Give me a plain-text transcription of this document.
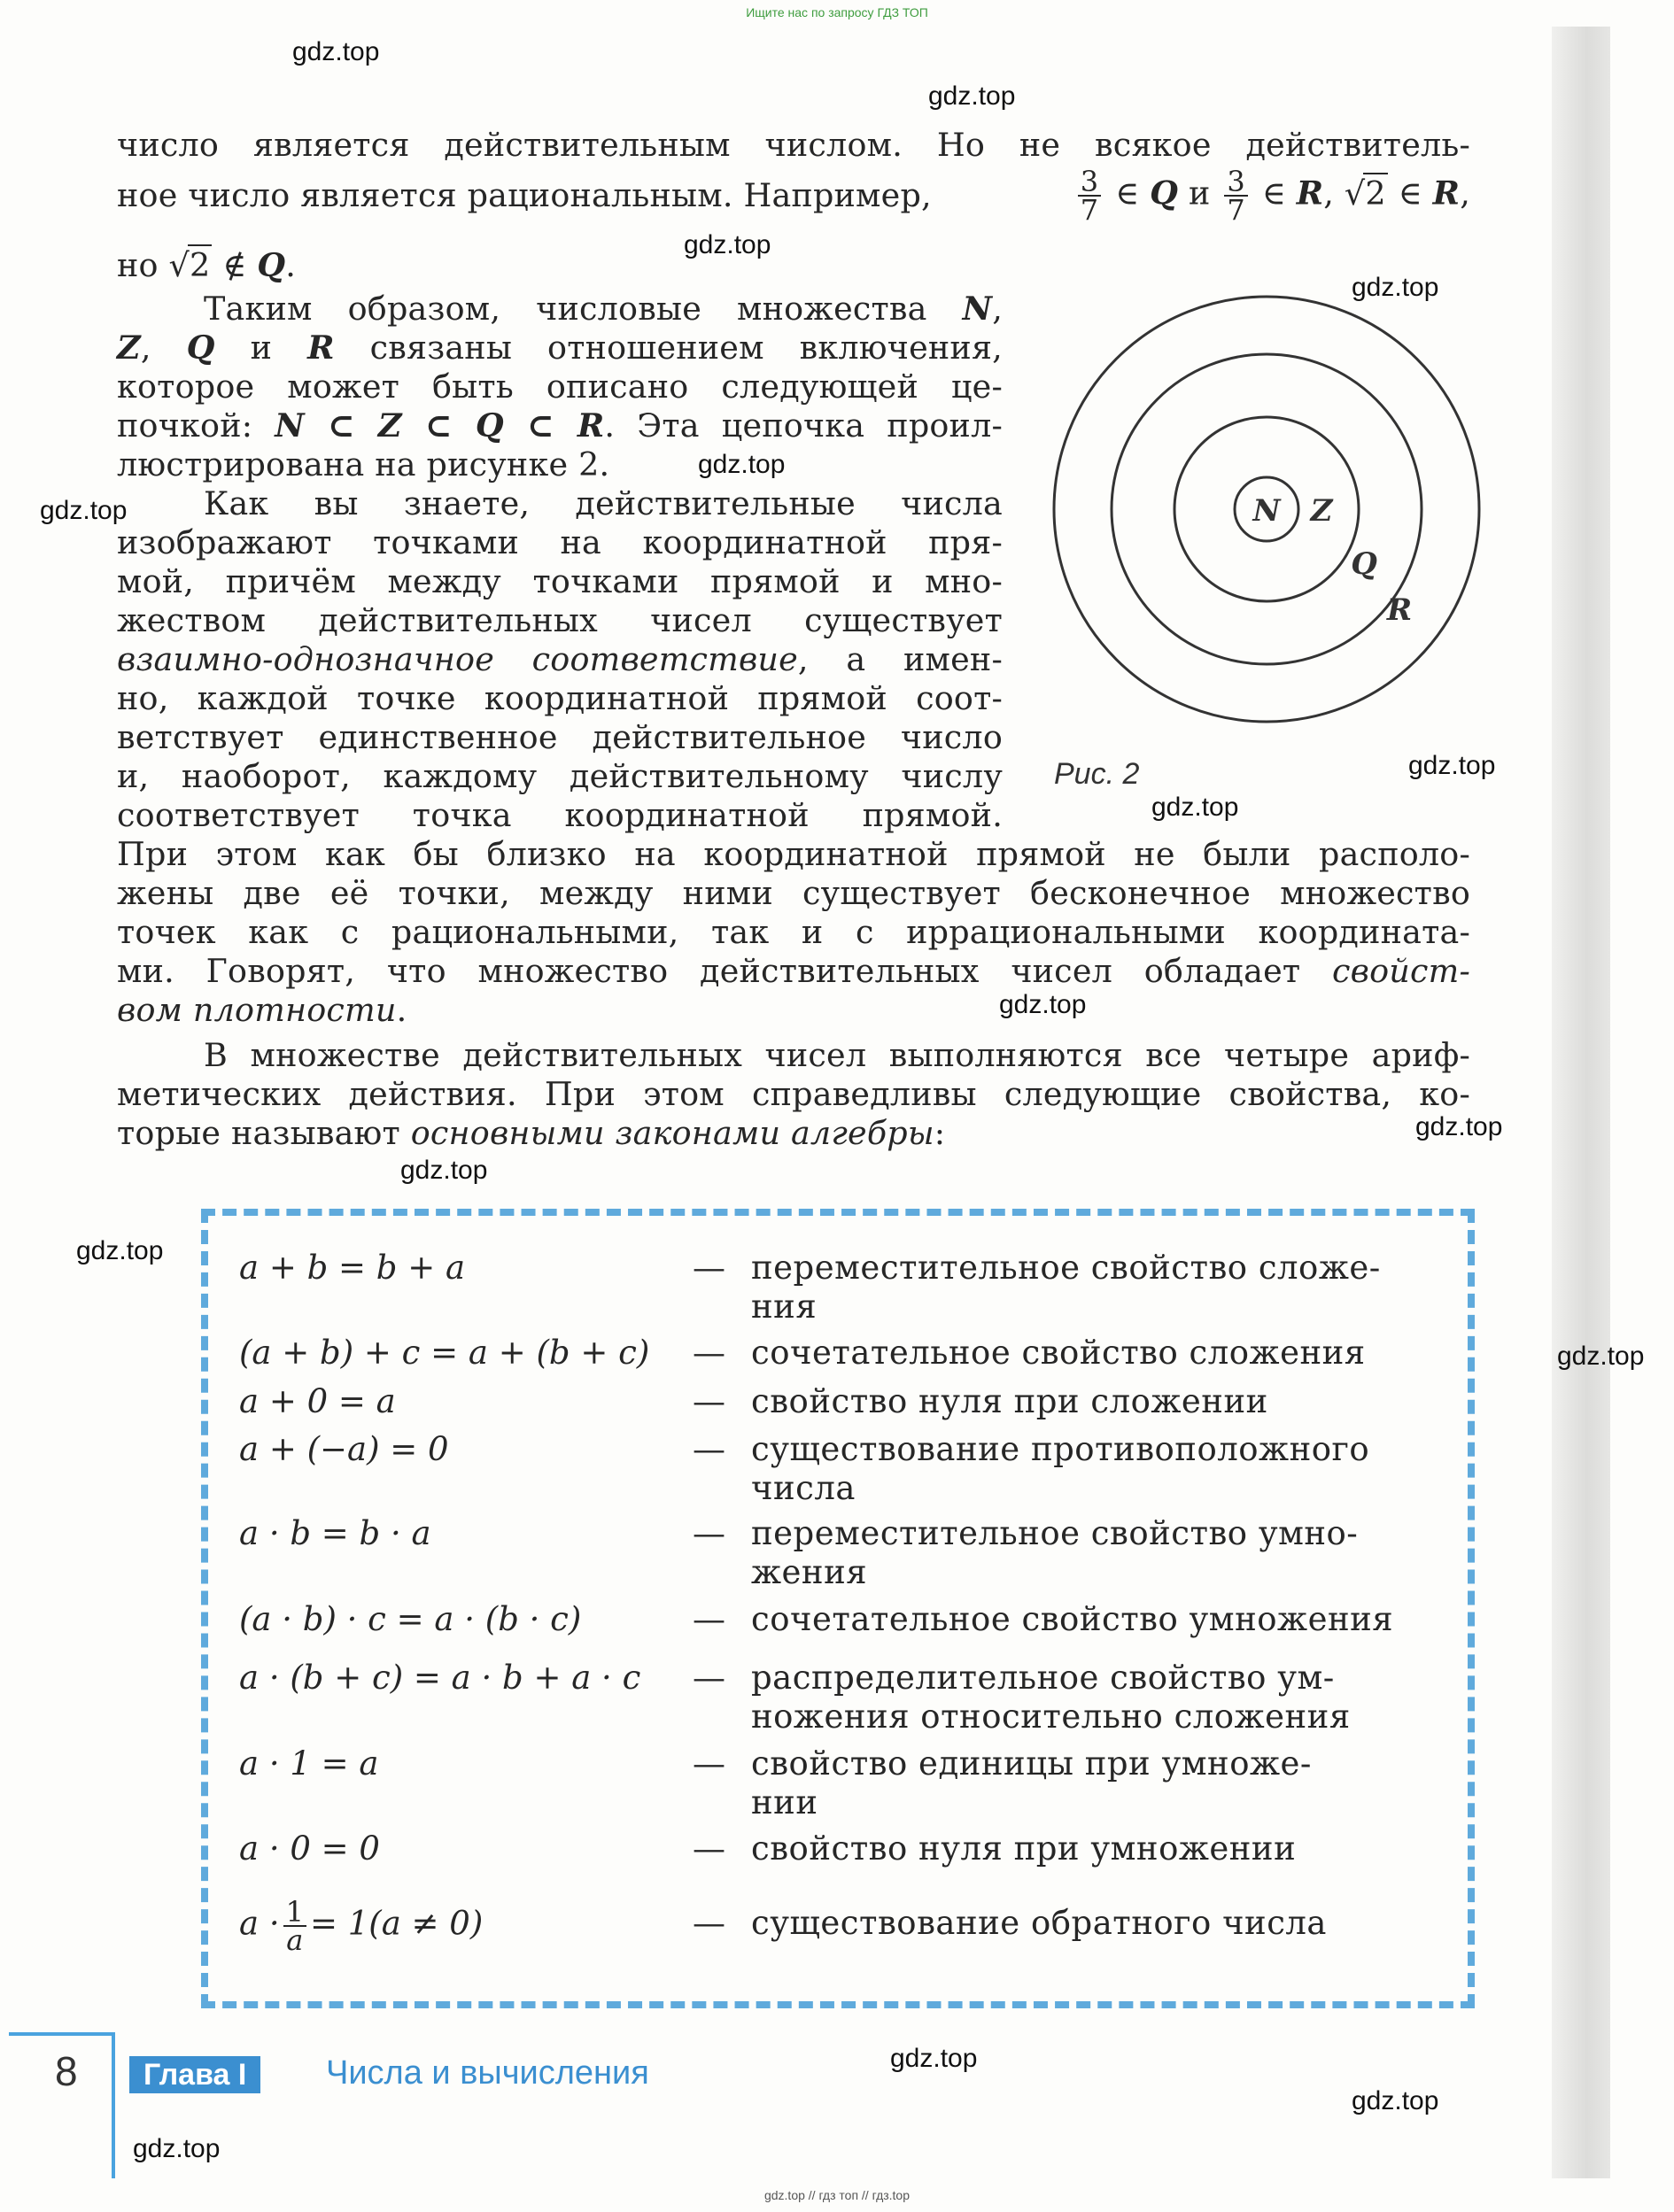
Ищите нас по запросу ГДЗ ТОП
gdz.top
gdz.top
gdz.top
gdz.top
gdz.top
gdz.top
gdz.top
gdz.top
gdz.top
gdz.top
gdz.top
gdz.top
gdz.top
gdz.top
gdz.top
gdz.top
число является действительным числом. Но не всякое действитель-
ное число является рациональным. Например,	$\frac{3}{7}$ ∈ Q и $\frac{3}{7}$ ∈ R, √2 ∈ R,
но √2 ∉ Q.
Таким образом, числовые множества N,
Z, Q и R связаны отношением включения,
которое может быть описано следующей це-
почкой: N ⊂ Z ⊂ Q ⊂ R. Эта цепочка проил-
люстрирована на рисунке 2.
Как вы знаете, действительные числа
изображают точками на координатной пря-
мой, причём между точками прямой и мно-
жеством действительных чисел существует
взаимно-однозначное соответствие, а имен-
но, каждой точке координатной прямой соот-
ветствует единственное действительное число
и, наоборот, каждому действительному числу
соответствует точка координатной прямой.
При этом как бы близко на координатной прямой не были располо-
жены две её точки, между ними существует бесконечное множество
точек как с рациональными, так и с иррациональными координата-
ми. Говорят, что множество действительных чисел обладает свойст-
вом плотности.
В множестве действительных чисел выполняются все четыре ариф-
метических действия. При этом справедливы следующие свойства, ко-
торые называют основными законами алгебры:
N Z
Q
R
Рис. 2
a + b = b + a	— переместительное свойство сложе-
ния
(a + b) + c = a + (b + c) — сочетательное свойство сложения
a + 0 = a	— свойство нуля при сложении
a + (−a) = 0	— существование противоположного
числа
a · b = b · a	— переместительное свойство умно-
жения
(a · b) · c = a · (b · c)	— сочетательное свойство умножения
a · (b + c) = a · b + a · c — распределительное свойство ум-
ножения относительно сложения
a · 1 = a	— свойство единицы при умноже-
нии
a · 0 = 0	— свойство нуля при умножении
$a \cdot \frac{1}{a} = 1(a \ne 0)$	— существование обратного числа
8	Глава I	Числа и вычисления
gdz.top // гдз топ // гдз.top
